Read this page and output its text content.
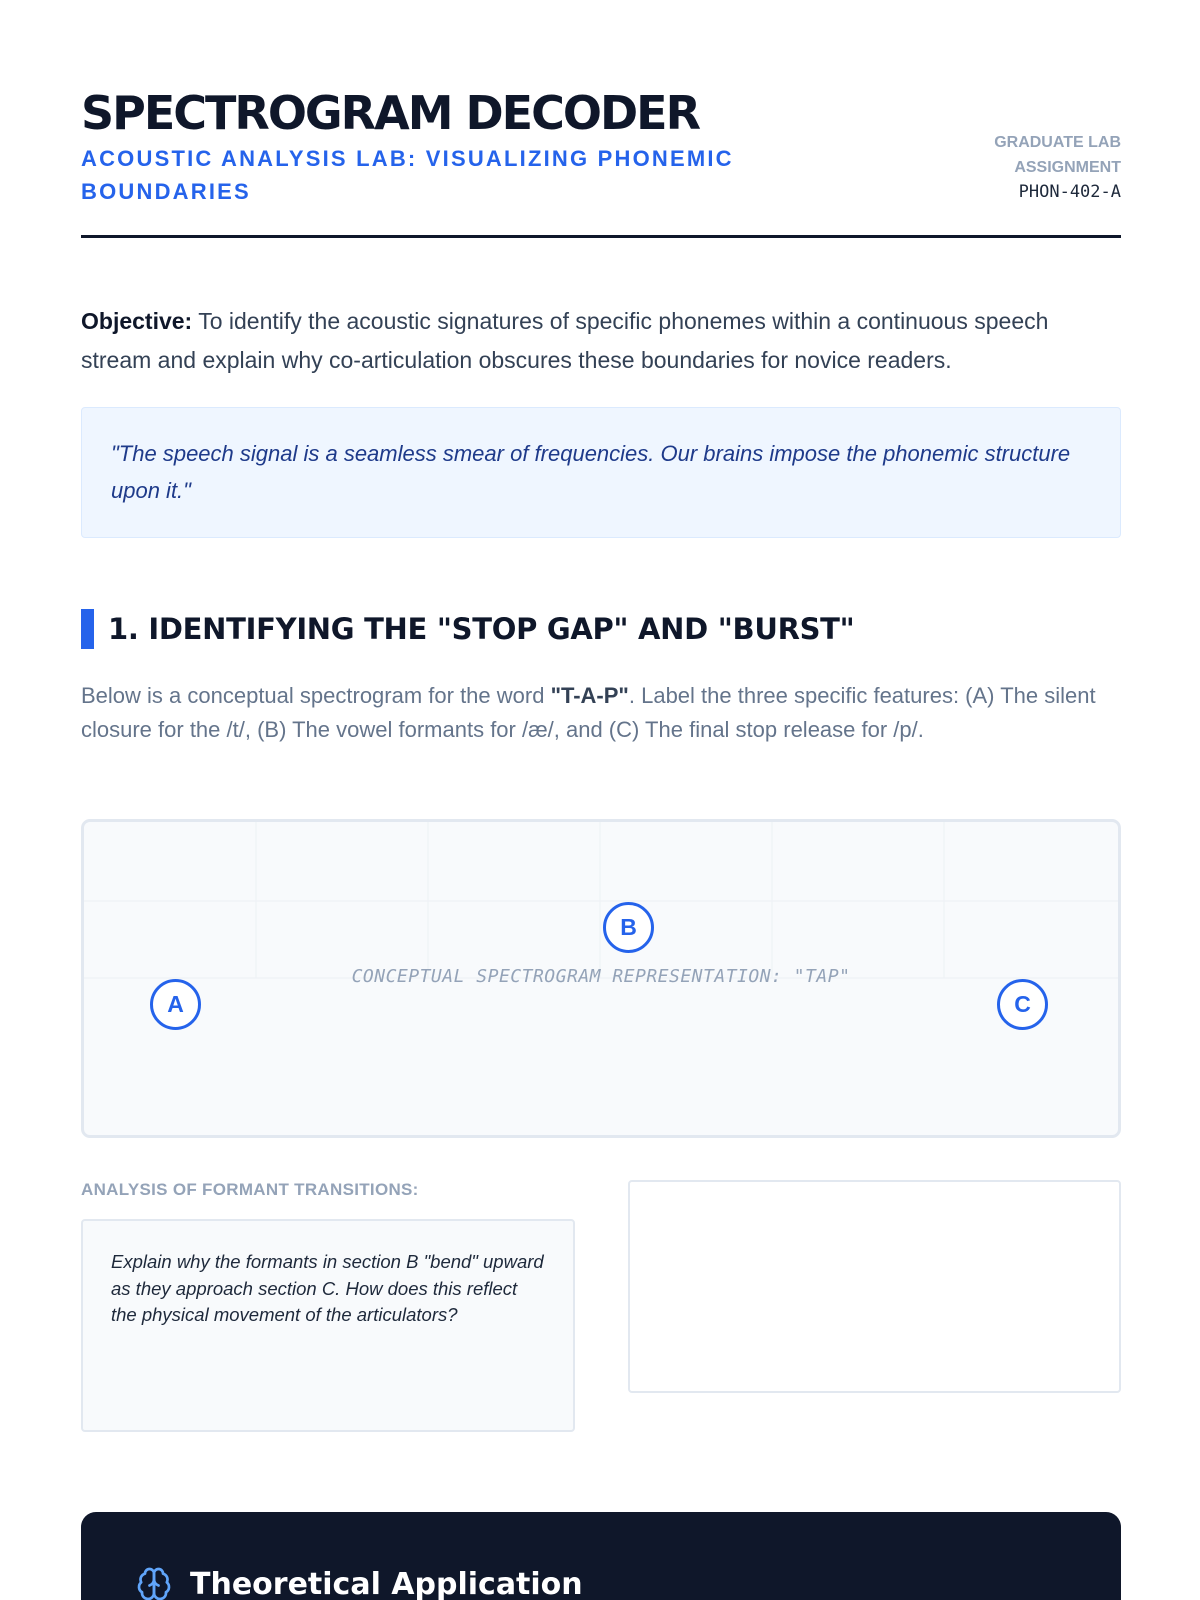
SPECTROGRAM DECODER
ACOUSTIC ANALYSIS LAB: VISUALIZING PHONEMIC BOUNDARIES
GRADUATE LAB ASSIGNMENT
PHON-402-A

Objective: To identify the acoustic signatures of specific phonemes within a continuous speech stream and explain why co-articulation obscures these boundaries for novice readers.

"The speech signal is a seamless smear of frequencies. Our brains impose the phonemic structure upon it."
1. IDENTIFYING THE "STOP GAP" AND "BURST"

Below is a conceptual spectrogram for the word "T-A-P". Label the three specific features: (A) The silent closure for the /t/, (B) The vowel formants for /æ/, and (C) The final stop release for /p/.

CONCEPTUAL SPECTROGRAM REPRESENTATION: "TAP"
A
B
C
ANALYSIS OF FORMANT TRANSITIONS:
Explain why the formants in section B "bend" upward as they approach section C. How does this reflect the physical movement of the articulators?
Theoretical Application
